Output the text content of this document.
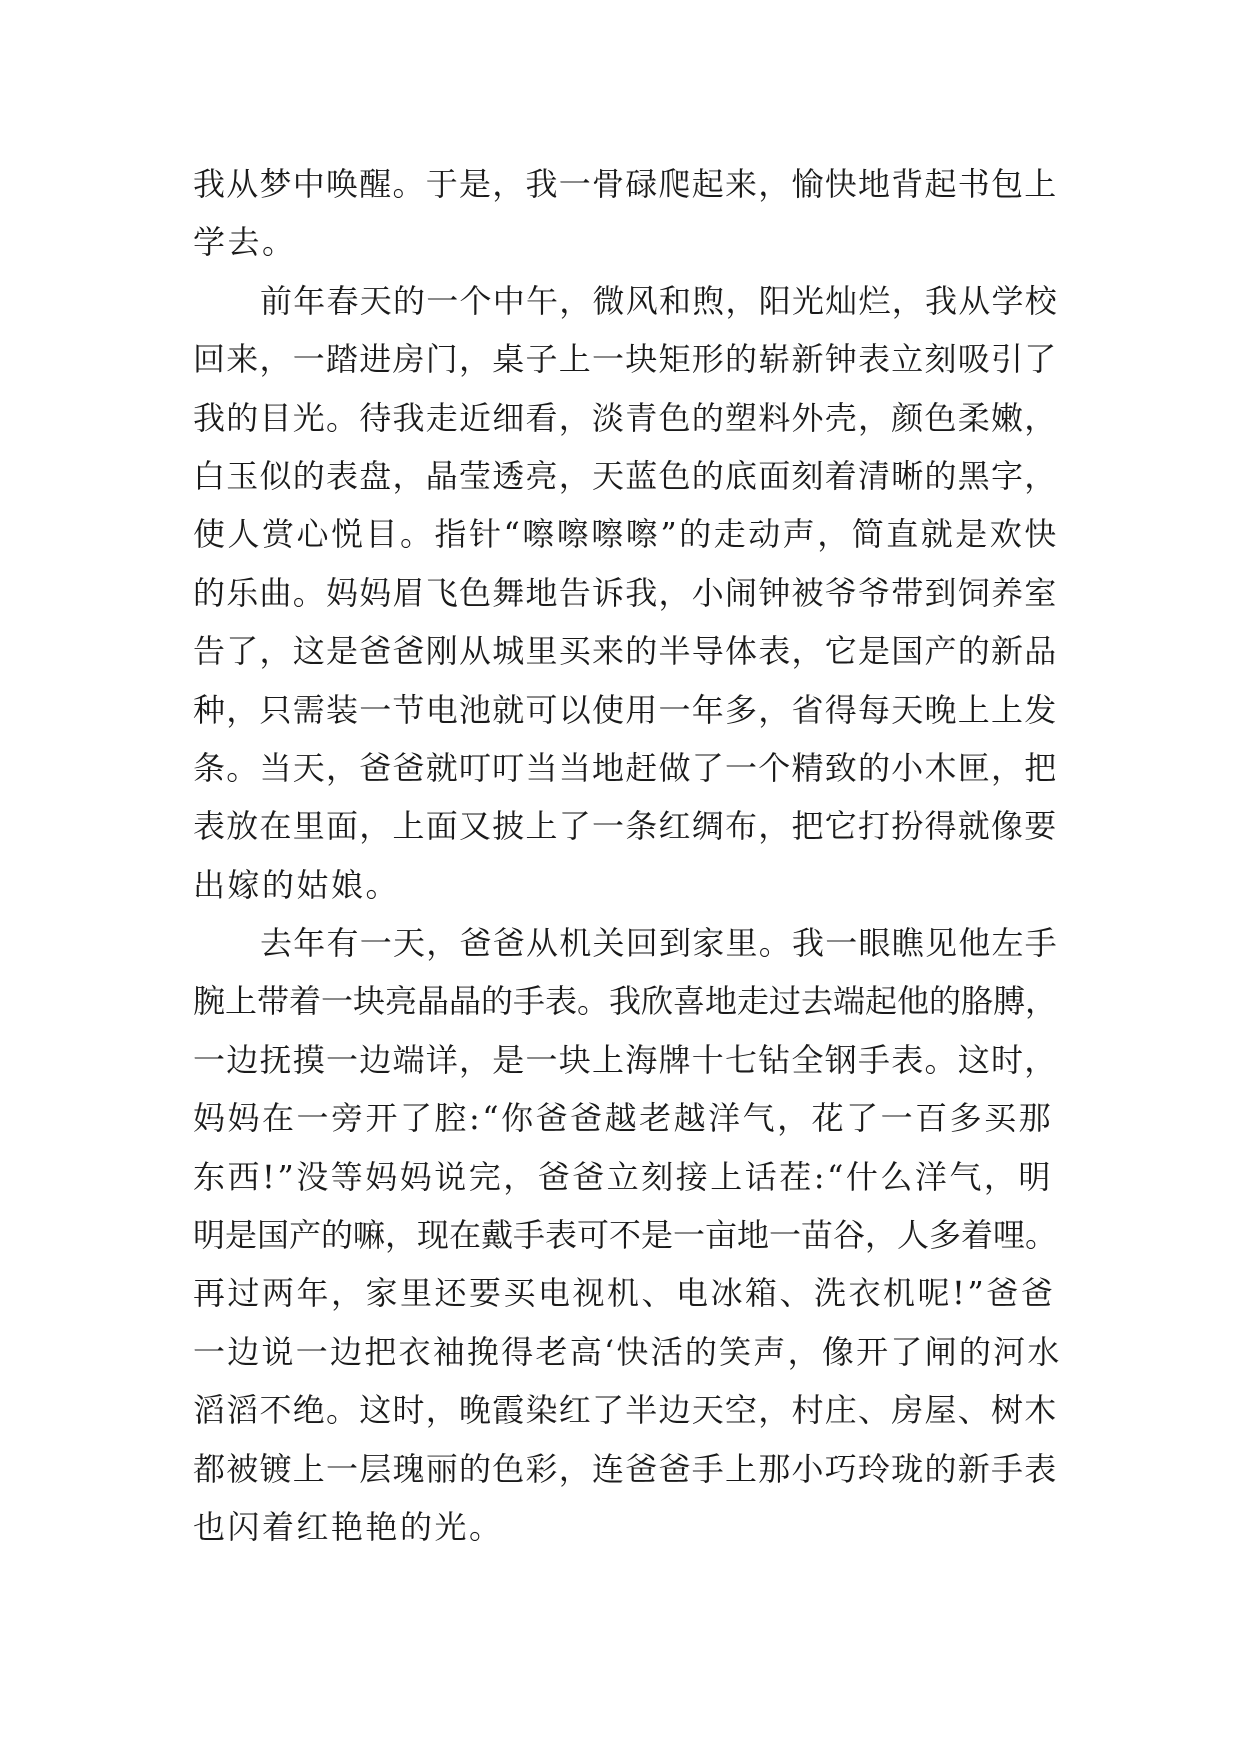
我从梦中唤醒。于是，我一骨碌爬起来，愉快地背起书包上
学去。
前年春天的一个中午，微风和煦，阳光灿烂，我从学校
回来，一踏进房门，桌子上一块矩形的崭新钟表立刻吸引了
我的目光。待我走近细看，淡青色的塑料外壳，颜色柔嫩，
白玉似的表盘，晶莹透亮，天蓝色的底面刻着清晰的黑字，
使人赏心悦目。指针“嚓嚓嚓嚓”的走动声，简直就是欢快
的乐曲。妈妈眉飞色舞地告诉我，小闹钟被爷爷带到饲养室
告了，这是爸爸刚从城里买来的半导体表，它是国产的新品
种，只需装一节电池就可以使用一年多，省得每天晚上上发
条。当天，爸爸就叮叮当当地赶做了一个精致的小木匣，把
表放在里面，上面又披上了一条红绸布，把它打扮得就像要
出嫁的姑娘。
去年有一天，爸爸从机关回到家里。我一眼瞧见他左手
腕上带着一块亮晶晶的手表。我欣喜地走过去端起他的胳膊，
一边抚摸一边端详，是一块上海牌十七钻全钢手表。这时，
妈妈在一旁开了腔:“你爸爸越老越洋气，花了一百多买那
东西!”没等妈妈说完，爸爸立刻接上话茬:“什么洋气，明
明是国产的嘛，现在戴手表可不是一亩地一苗谷，人多着哩。
再过两年，家里还要买电视机、电冰箱、洗衣机呢!”爸爸
一边说一边把衣袖挽得老高‘快活的笑声，像开了闸的河水
滔滔不绝。这时，晚霞染红了半边天空，村庄、房屋、树木
都被镀上一层瑰丽的色彩，连爸爸手上那小巧玲珑的新手表
也闪着红艳艳的光。
